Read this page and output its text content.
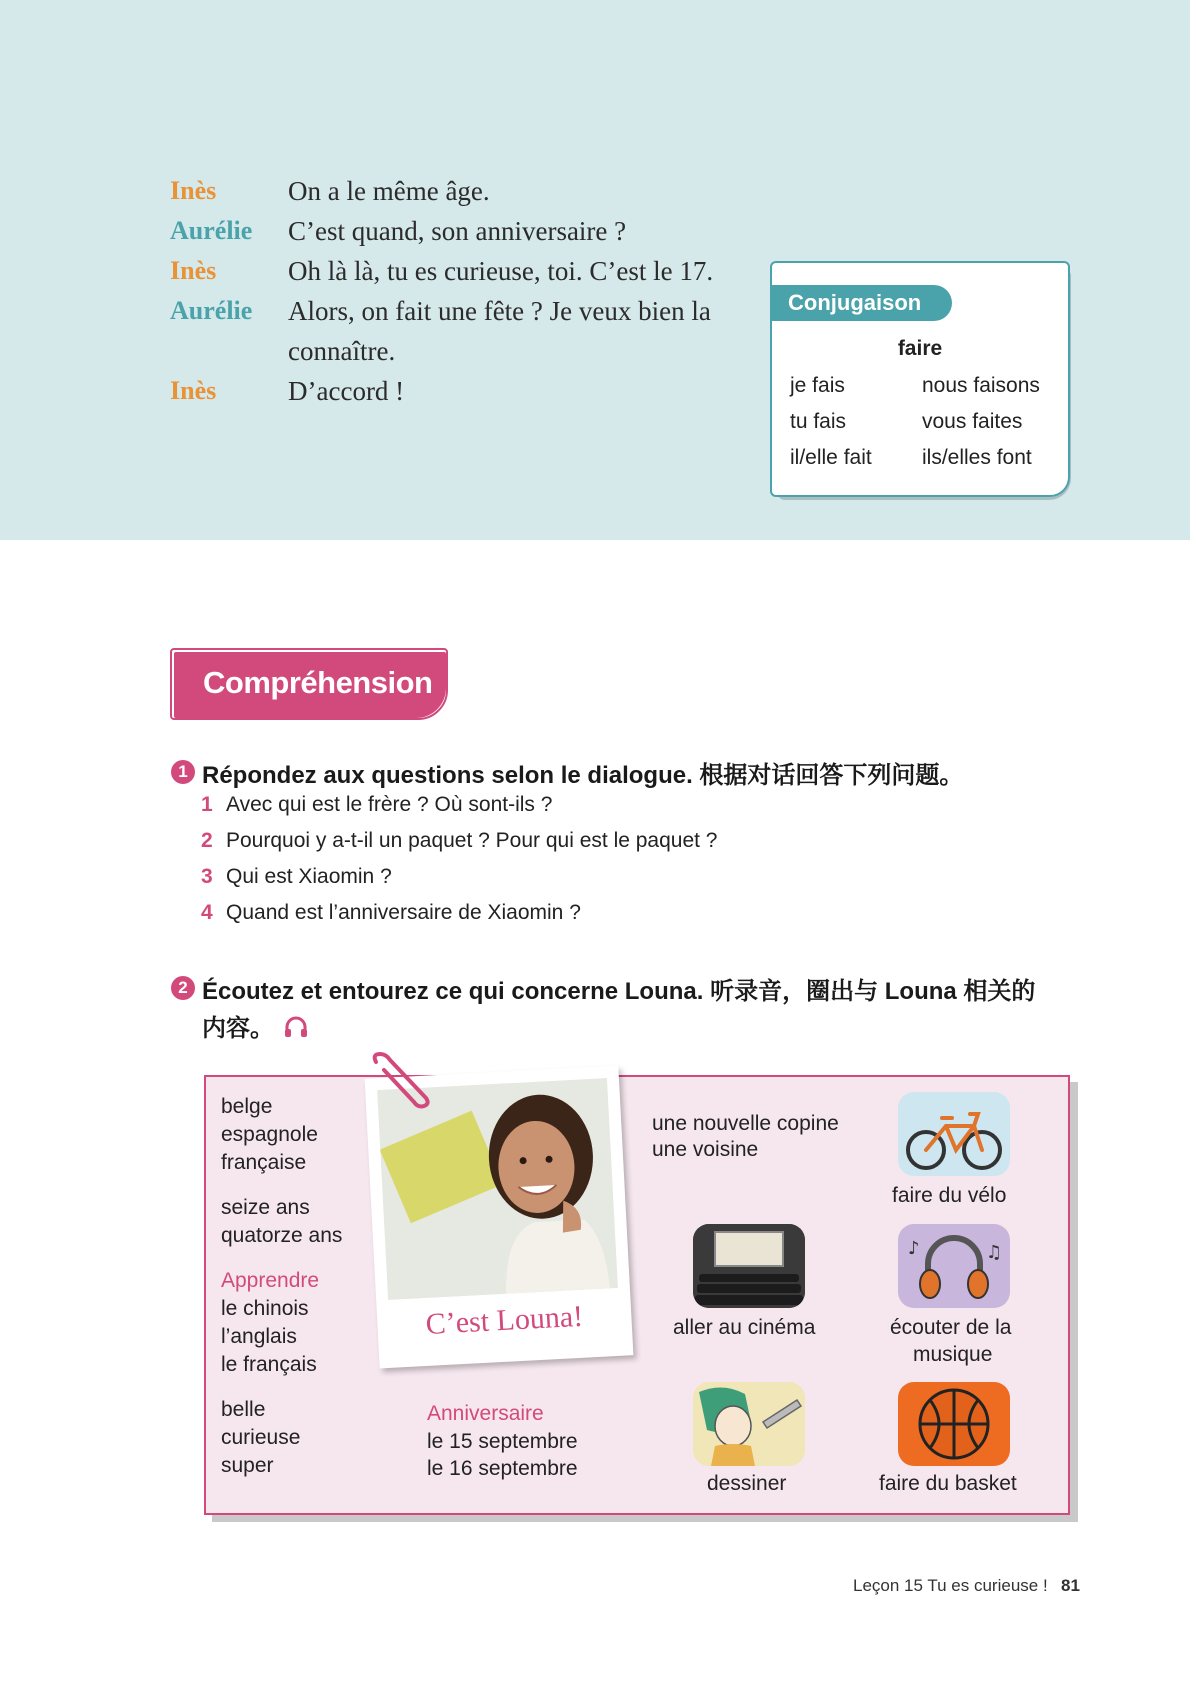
Inès	On a le même âge.
Aurélie C’est quand, son anniversaire ?
Inès	Oh là là, tu es curieuse, toi. C’est le 17.
Aurélie Alors, on fait une fête ? Je veux bien la
connaître.
Inès	D’accord !
Conjugaison
faire
je fais	nous faisons
tu fais	vous faites
il/elle fait ils/elles font
Compréhension
1 Répondez aux questions selon le dialogue. 根据对话回答下列问题。
1 Avec qui est le frère ? Où sont-ils ?
2 Pourquoi y a-t-il un paquet ? Pour qui est le paquet ?
3 Qui est Xiaomin ?
4 Quand est l’anniversaire de Xiaomin ?
2 Écoutez et entourez ce qui concerne Louna. 听录音，圈出与 Louna 相关的
内容。
belge
espagnole
française
seize ans
quatorze ans
Apprendre
le chinois
l’anglais
le français
belle
curieuse
super
C’est Louna!
Anniversaire
le 15 septembre
le 16 septembre
une nouvelle copine
une voisine
faire du vélo
aller au cinéma
♪	♫
écouter de la
musique
dessiner	faire du basket
Leçon 15 Tu es curieuse ! 81
